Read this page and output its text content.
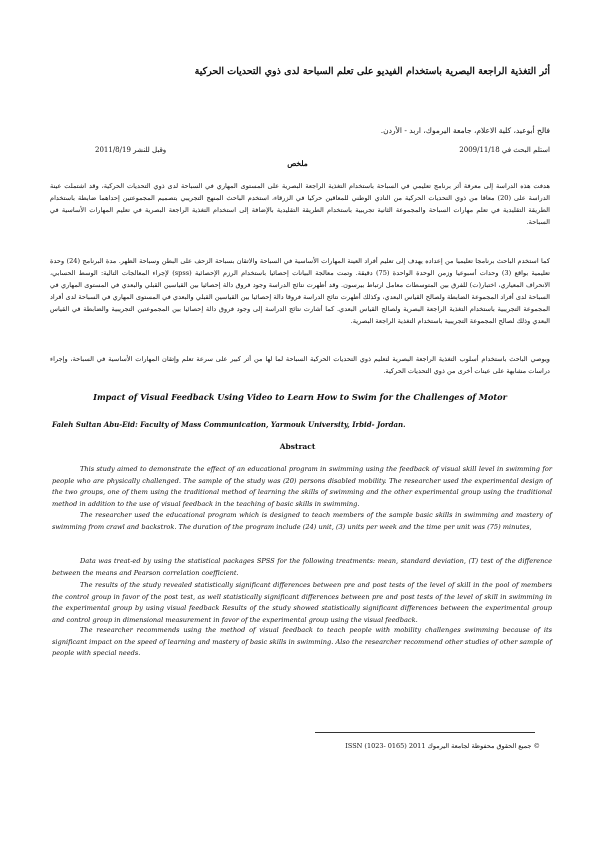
أثر التغذية الراجعة البصرية باستخدام الفيديو على تعلم السباحة لدى ذوي التحديات الحركية
فالح أبوعيد، كلية الاعلام، جامعة اليرموك، اربد - الأردن.
استلم البحث في 2009/11/18
وقبل للنشر 2011/8/19
ملخص
هدفت هذه الدراسة إلى معرفة أثر برنامج تعليمي في السباحة باستخدام التغذية الراجعة البصرية على المستوى المهاري في السباحة لدى ذوي التحديات الحركية، وقد اشتملت عينة الدراسة على (20) معاقا من ذوي التحديات الحركية من النادي الوطني للمعاقين حركيا في الزرقاء، استخدم الباحث المنهج التجريبي بتصميم المجموعتين إحداهما ضابطة باستخدام الطريقة التقليدية في تعلم مهارات السباحة والمجموعة الثانية تجريبية باستخدام الطريقة التقليدية بالإضافة إلى استخدام التغذية الراجعة البصرية في تعليم المهارات الأساسية في السباحة.
كما استخدم الباحث برنامجا تعليميا من إعداده يهدف إلى تعليم أفراد العينة المهارات الأساسية في السباحة والاتقان بسباحة الزحف على البطن وسباحة الظهر. مدة البرنامج (24) وحدة تعليمية بواقع (3) وحدات أسبوعيا وزمن الوحدة الواحدة (75) دقيقة. وتمت معالجة البيانات إحصائيا باستخدام الرزم الإحصائية (spss) لإجراء المعالجات التالية: الوسط الحسابي، الانحراف المعياري، اختبار(ت) للفرق بين المتوسطات معامل ارتباط بيرسون. وقد أظهرت نتائج الدراسة وجود فروق دالة إحصائيا بين القياسين القبلي والبعدي في المستوى المهاري في السباحة لدى أفراد المجموعة الضابطة ولصالح القياس البعدي، وكذلك أظهرت نتائج الدراسة فروقا دالة إحصائيا بين القياسين القبلي والبعدي في المستوى المهاري في السباحة لدى أفراد المجموعة التجريبية باستخدام التغذية الراجعة البصرية ولصالح القياس البعدي. كما أشارت نتائج الدراسة إلى وجود فروق دالة إحصائيا بين المجموعتين التجريبية والضابطة في القياس البعدي وذلك لصالح المجموعة التجريبية باستخدام التغذية الراجعة البصرية.
ويوصي الباحث باستخدام أسلوب التغذية الراجعة البصرية لتعليم ذوي التحديات الحركية السباحة لما لها من أثر كبير على سرعة تعلم وإتقان المهارات الأساسية في السباحة، وإجراء دراسات مشابهة على عينات أخرى من ذوي التحديات الحركية.
Impact of Visual Feedback Using Video to Learn How to Swim for the Challenges of Motor
Faleh Sultan Abu-Eid: Faculty of Mass Communication, Yarmouk University, Irbid- Jordan.
Abstract

This study aimed to demonstrate the effect of an educational program in swimming using the feedback of visual skill level in swimming for people who are physically challenged. The sample of the study was (20) persons disabled mobility. The researcher used the experimental design of the two groups, one of them using the traditional method of learning the skills of swimming and the other experimental group using the traditional method in addition to the use of visual feedback in the teaching of basic skills in swimming.

The researcher used the educational program which is designed to teach members of the sample basic skills in swimming and mastery of swimming from crawl and backstrok. The duration of the program include (24) unit, (3) units per week and the time per unit was (75) minutes,

Data was treat-ed by using the statistical packages SPSS for the following treatments: mean, standard deviation, (T) test of the difference between the means and Pearson correlation coefficient.

The results of the study revealed statistically significant differences between pre and post tests of the level of skill in the pool of members the control group in favor of the post test, as well statistically significant differences between pre and post tests of the level of skill in swimming in the experimental group by using visual feedback Results of the study showed statistically significant differences between the experimental group and control group in dimensional measurement in favor of the experimental group using the visual feedback.

The researcher recommends using the method of visual feedback to teach people with mobility challenges swimming because of its significant impact on the speed of learning and mastery of basic skills in swimming. Also the researcher recommend other studies of other sample of people with special needs.

© جميع الحقوق محفوظة لجامعة اليرموك 2011 ISSN (1023- 0165)
